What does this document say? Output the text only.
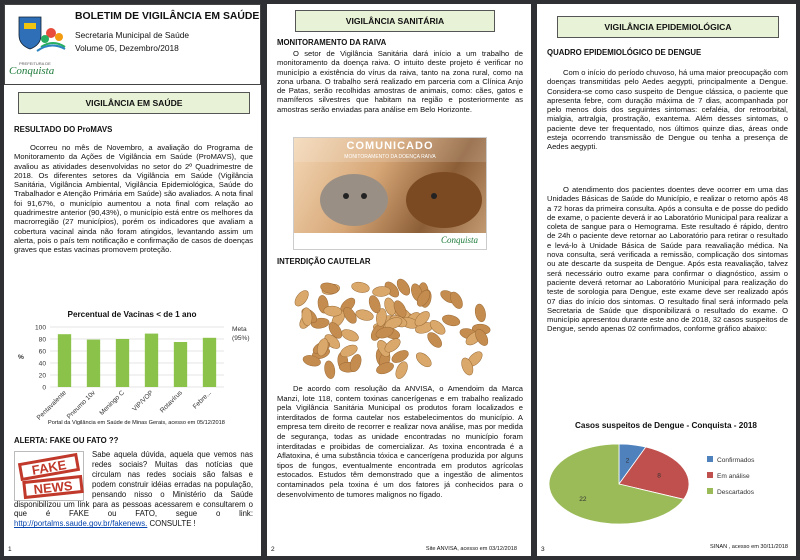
PREFEITURA DE
Conquista
BOLETIM DE VIGILÂNCIA EM SAÚDE
Secretaria Municipal de Saúde
Volume 05, Dezembro/2018
VIGILÂNCIA EM SAÚDE
RESULTADO DO ProMAVS

Ocorreu no mês de Novembro, a avaliação do Programa de Monitoramento da Ações de Vigilância em Saúde (ProMAVS), que avaliou as atividades desenvolvidas no setor do 2º Quadrimestre de 2018. Os diferentes setores da Vigilância em Saúde (Vigilância Sanitária, Vigilância Ambiental, Vigilância Epidemiológica, Saúde do Trabalhador e Atenção Primária em Saúde) são avaliados. A nota final foi 91,67%, o município aumentou a nota final com relação ao quadrimestre anterior (90,43%), o município está entre os melhores da macrorregião (27 municípios), porém os indicadores que avaliam a cobertura vacinal ainda não foram atingidos, levantando assim um alerta, pois o país tem notificação e confirmação de casos de doenças graves que estas vacinas promovem proteção.

Percentual de Vacinas < de 1 ano
%
0
20
40
60
80
100
Pentavalente
Pneumo 10v Meningo C VIP/VOP Rotavírus Febre...
Meta
(95%)
Portal da Vigilância em Saúde de Minas Gerais, acesso em 05/12/2018
ALERTA: FAKE OU FATO ??
FAKE
NEWS
Sabe aquela dúvida, aquela que vemos nas redes sociais? Muitas das notícias que circulam nas redes sociais são falsas e podem construir idéias erradas na população, pensando nisso o Ministério da Saúde disponibilizou um link para as pessoas acessarem e consultarem o que é FAKE ou FATO, segue o link: http://portalms.saude.gov.br/fakenews. CONSULTE !
1
VIGILÂNCIA SANITÁRIA
MONITORAMENTO DA RAIVA

O setor de Vigilância Sanitária dará início a um trabalho de monitoramento da doença raiva. O intuito deste projeto é verificar no município a existência do vírus da raiva, tanto na zona rural, como na zona urbana. O trabalho será realizado em parceria com a Clínica Anjo de Patas, serão recolhidas amostras de animais, como: cães, gatos e mamíferos silvestres que habitam na região e posteriormente as amostras serão enviadas para análise em Belo Horizonte.

COMUNICADO
MONITORAMENTO DA DOENÇA RAIVA
Conquista
INTERDIÇÃO CAUTELAR

De acordo com resolução da ANVISA, o Amendoim da Marca Manzi, lote 118, contem toxinas cancerígenas e em trabalho realizado pela Vigilância Sanitária Municipal os produtos foram localizados e interditados de forma cautelar nos estabelecimentos do município. A empresa tem direito de recorrer e realizar nova análise, mas por medida de segurança, todas as unidade encontradas no município foram interditadas e proibidas de comercializar. As toxina encontrada é a Aflatoxina, é uma substância tóxica e cancerígena produzida por alguns tipos de fungos, eventualmente encontrada em produtos agrícolas estocados. Estudos têm demonstrado que a ingestão de alimentos contaminados pela toxina é um dos fatores já conhecidos para o desenvolvimento de tumores malignos no fígado.

Site ANVISA, acesso em 03/12/2018
2
VIGILÂNCIA EPIDEMIOLÓGICA
QUADRO EPIDEMIOLÓGICO DE DENGUE

Com o início do período chuvoso, há uma maior preocupação com doenças transmitidas pelo Aedes aegypti, principalmente a Dengue. Considera-se como caso suspeito de Dengue clássica, o paciente que apresenta febre, com duração máxima de 7 dias, acompanhada por pelo menos dois dos seguintes sintomas: cefaléia, dor retroorbital, mialgia, artralgia, prostração, exantema. Além desses sintomas, o paciente deve ter frequentado, nos últimos quinze dias, áreas onde esteja ocorrendo transmissão de Dengue ou tenha a presença de Aedes aegypti.

O atendimento dos pacientes doentes deve ocorrer em uma das Unidades Básicas de Saúde do Município, e realizar o retorno após 48 a 72 horas da primeira consulta. Após a consulta e de posse do pedido de exame, o paciente deverá ir ao Laboratório Municipal para realizar a coleta de sangue para o Hemograma. Este resultado é rápido, dentro de 24h o paciente deve retornar ao Laboratório para retirar o resultado e levá-lo à Unidade Básica de Saúde para reavaliação médica. Na nova consulta, será verificada a remissão, complicação dos sintomas ou ate descarte da suspeita de Dengue. Após esta reavaliação, talvez será necessário outro exame para confirmar o diagnóstico, assim o paciente deverá retornar ao Laboratório Municipal para realização do teste de sorologia para Dengue, este exame deve ser realizado após 07 dias do início dos sintomas. O resultado final será informado pela Secretaria de Saúde que disponibilizará o resultado do exame. O município apresentou durante este ano de 2018, 32 casos suspeitos de Dengue, sendo apenas 02 confirmados, conforme gráfico abaixo:

Casos suspeitos de Dengue - Conquista - 2018
2
8
22
Confirmados
Em análise
Descartados
SINAN , acesso em 30/11/2018
3
